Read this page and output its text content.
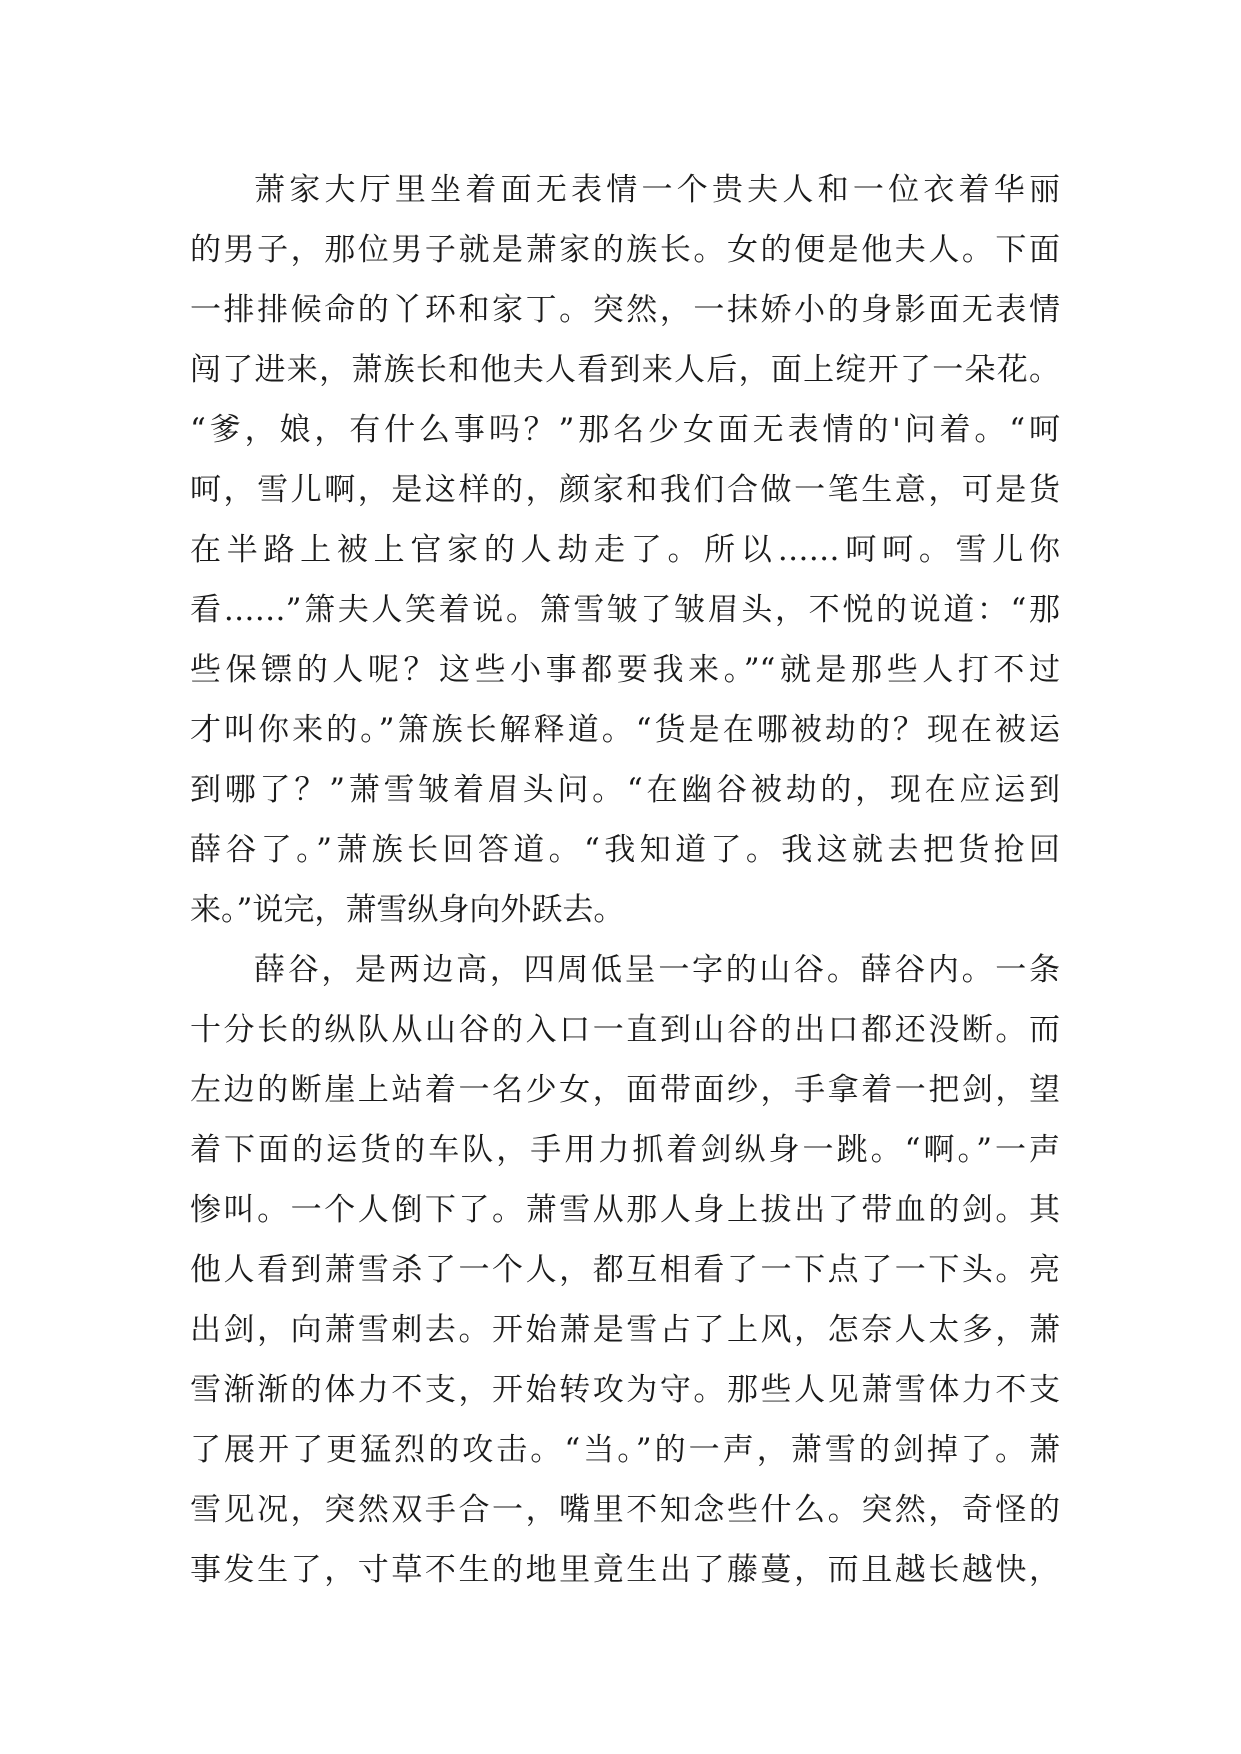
萧家大厅里坐着面无表情一个贵夫人和一位衣着华丽
的男子，那位男子就是萧家的族长。女的便是他夫人。下面
一排排候命的丫环和家丁。突然，一抹娇小的身影面无表情
闯了进来，萧族长和他夫人看到来人后，面上绽开了一朵花。
“爹，娘，有什么事吗？”那名少女面无表情的'问着。“呵
呵，雪儿啊，是这样的，颜家和我们合做一笔生意，可是货
在半路上被上官家的人劫走了。所以……呵呵。雪儿你
看……”箫夫人笑着说。箫雪皱了皱眉头，不悦的说道：“那
些保镖的人呢？这些小事都要我来。”“就是那些人打不过
才叫你来的。”箫族长解释道。“货是在哪被劫的？现在被运
到哪了？”萧雪皱着眉头问。“在幽谷被劫的，现在应运到
薛谷了。”萧族长回答道。“我知道了。我这就去把货抢回
来。”说完，萧雪纵身向外跃去。
薛谷，是两边高，四周低呈一字的山谷。薛谷内。一条
十分长的纵队从山谷的入口一直到山谷的出口都还没断。而
左边的断崖上站着一名少女，面带面纱，手拿着一把剑，望
着下面的运货的车队，手用力抓着剑纵身一跳。“啊。”一声
惨叫。一个人倒下了。萧雪从那人身上拔出了带血的剑。其
他人看到萧雪杀了一个人，都互相看了一下点了一下头。亮
出剑，向萧雪刺去。开始萧是雪占了上风，怎奈人太多，萧
雪渐渐的体力不支，开始转攻为守。那些人见萧雪体力不支
了展开了更猛烈的攻击。“当。”的一声，萧雪的剑掉了。萧
雪见况，突然双手合一，嘴里不知念些什么。突然，奇怪的
事发生了，寸草不生的地里竟生出了藤蔓，而且越长越快，
